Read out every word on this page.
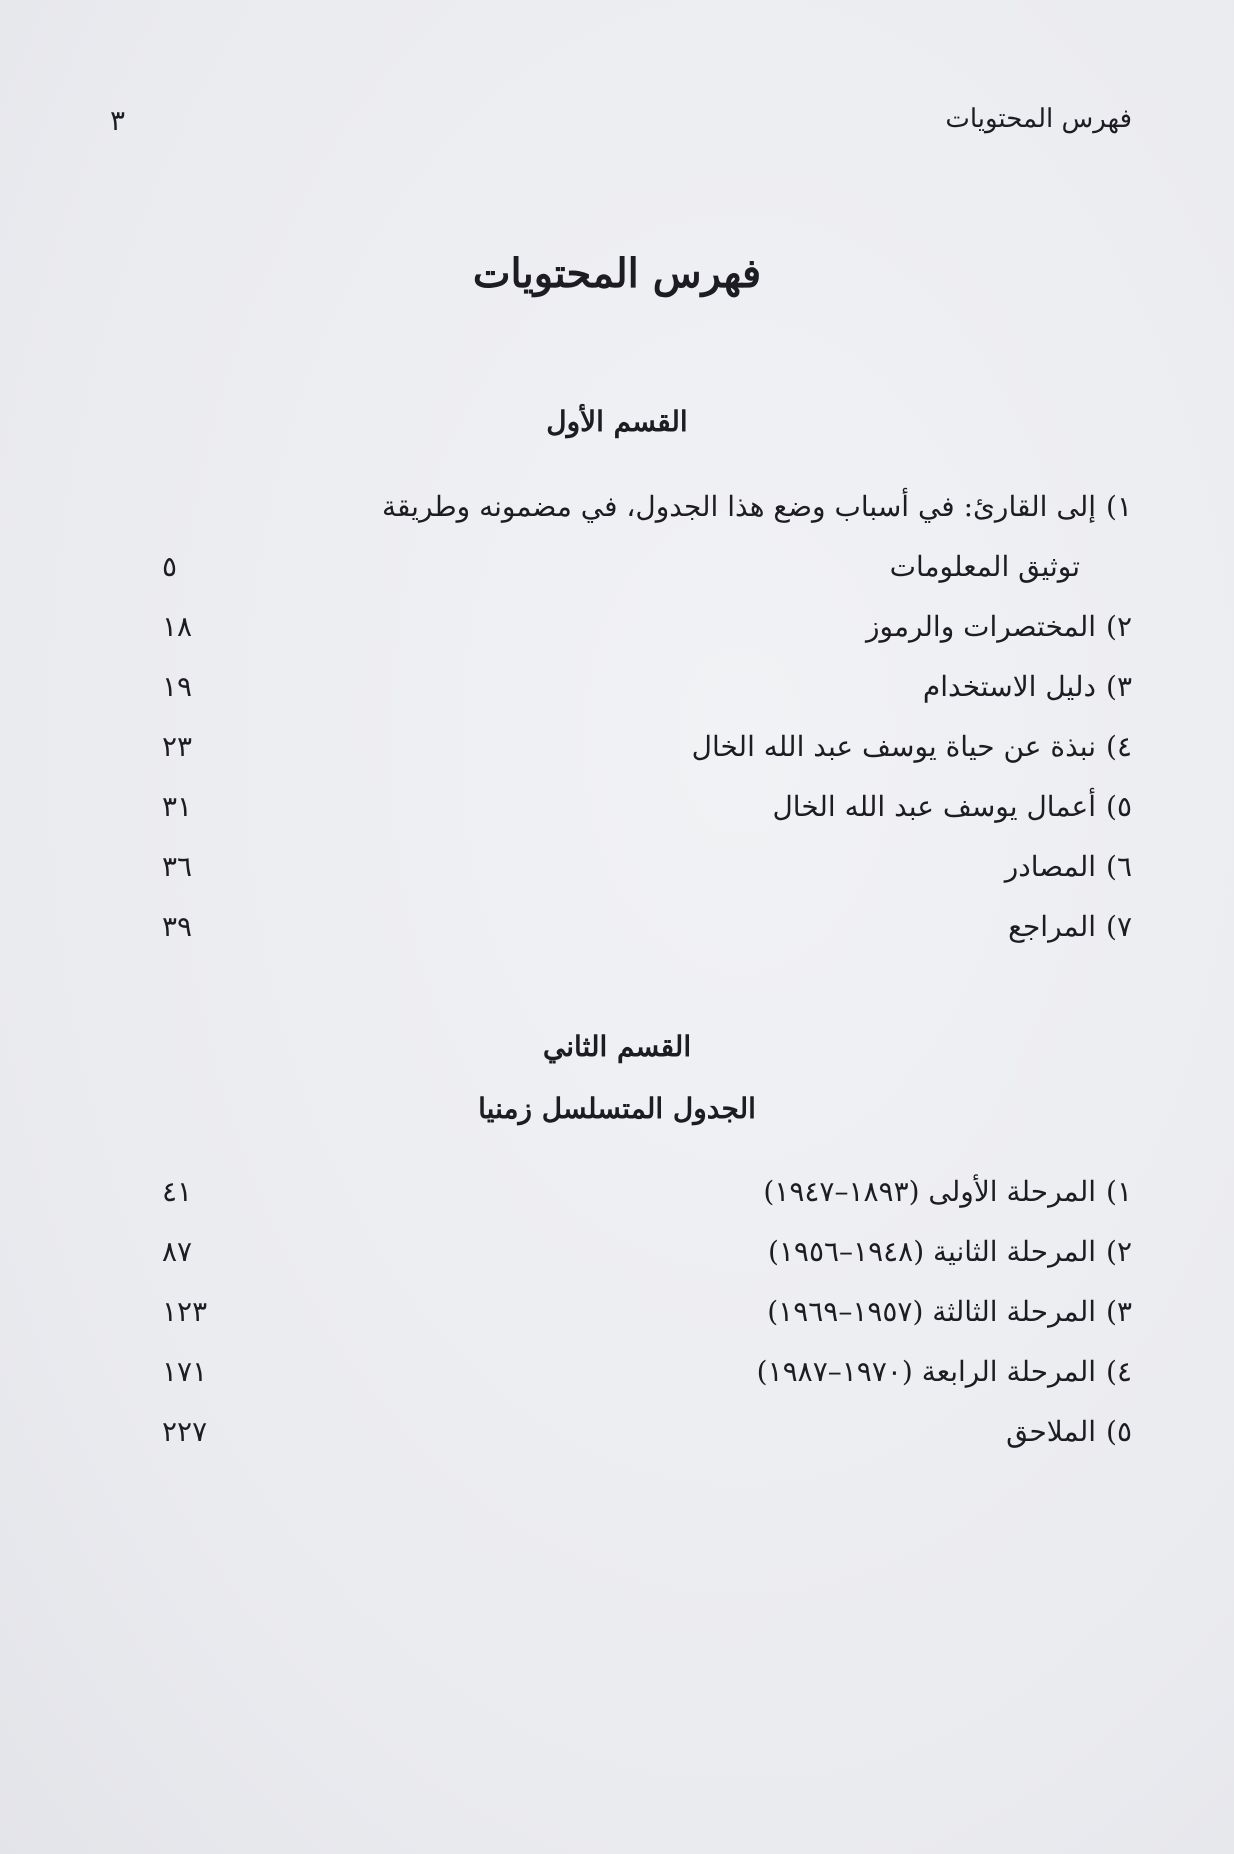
فهرس المحتويات
٣
فهرس المحتويات
القسم الأول
١)إلى القارئ: في أسباب وضع هذا الجدول، في مضمونه وطريقة
توثيق المعلومات
٥
٢)المختصرات والرموز
١٨
٣)دليل الاستخدام
١٩
٤)نبذة عن حياة يوسف عبد الله الخال
٢٣
٥)أعمال يوسف عبد الله الخال
٣١
٦)المصادر
٣٦
٧)المراجع
٣٩
القسم الثاني
الجدول المتسلسل زمنيا
١)المرحلة الأولى (١٨٩٣–١٩٤٧)
٤١
٢)المرحلة الثانية (١٩٤٨–١٩٥٦)
٨٧
٣)المرحلة الثالثة (١٩٥٧–١٩٦٩)
١٢٣
٤)المرحلة الرابعة (١٩٧٠–١٩٨٧)
١٧١
٥)الملاحق
٢٢٧
